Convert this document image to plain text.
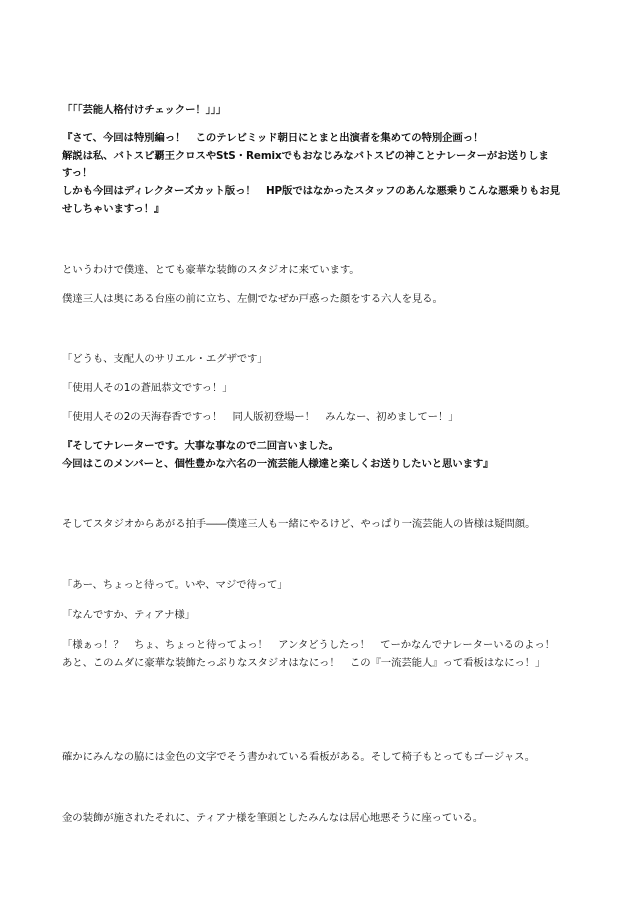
「「「芸能人格付けチェックー！」」」
『さて、今回は特別編っ！　このテレビミッド朝日にとまと出演者を集めての特別企画っ！
解説は私、バトスピ覇王クロスやStS・Remixでもおなじみなバトスピの神ことナレーターがお送りしま
すっ！
しかも今回はディレクターズカット版っ！　HP版ではなかったスタッフのあんな悪乗りこんな悪乗りもお見
せしちゃいますっ！』
というわけで僕達、とても豪華な装飾のスタジオに来ています。
僕達三人は奥にある台座の前に立ち、左側でなぜか戸惑った顔をする六人を見る。
「どうも、支配人のサリエル・エグザです」
「使用人その1の蒼凪恭文ですっ！」
「使用人その2の天海春香ですっ！　同人版初登場ー！　みんなー、初めましてー！」
『そしてナレーターです。大事な事なので二回言いました。
今回はこのメンバーと、個性豊かな六名の一流芸能人様達と楽しくお送りしたいと思います』
そしてスタジオからあがる拍手――僕達三人も一緒にやるけど、やっぱり一流芸能人の皆様は疑問顔。
「あー、ちょっと待って。いや、マジで待って」
「なんですか、ティアナ様」
「様ぁっ！？　ちょ、ちょっと待ってよっ！　アンタどうしたっ！　てーかなんでナレーターいるのよっ！
あと、このムダに豪華な装飾たっぷりなスタジオはなにっ！　この『一流芸能人』って看板はなにっ！」
確かにみんなの脇には金色の文字でそう書かれている看板がある。そして椅子もとってもゴージャス。
金の装飾が施されたそれに、ティアナ様を筆頭としたみんなは居心地悪そうに座っている。
